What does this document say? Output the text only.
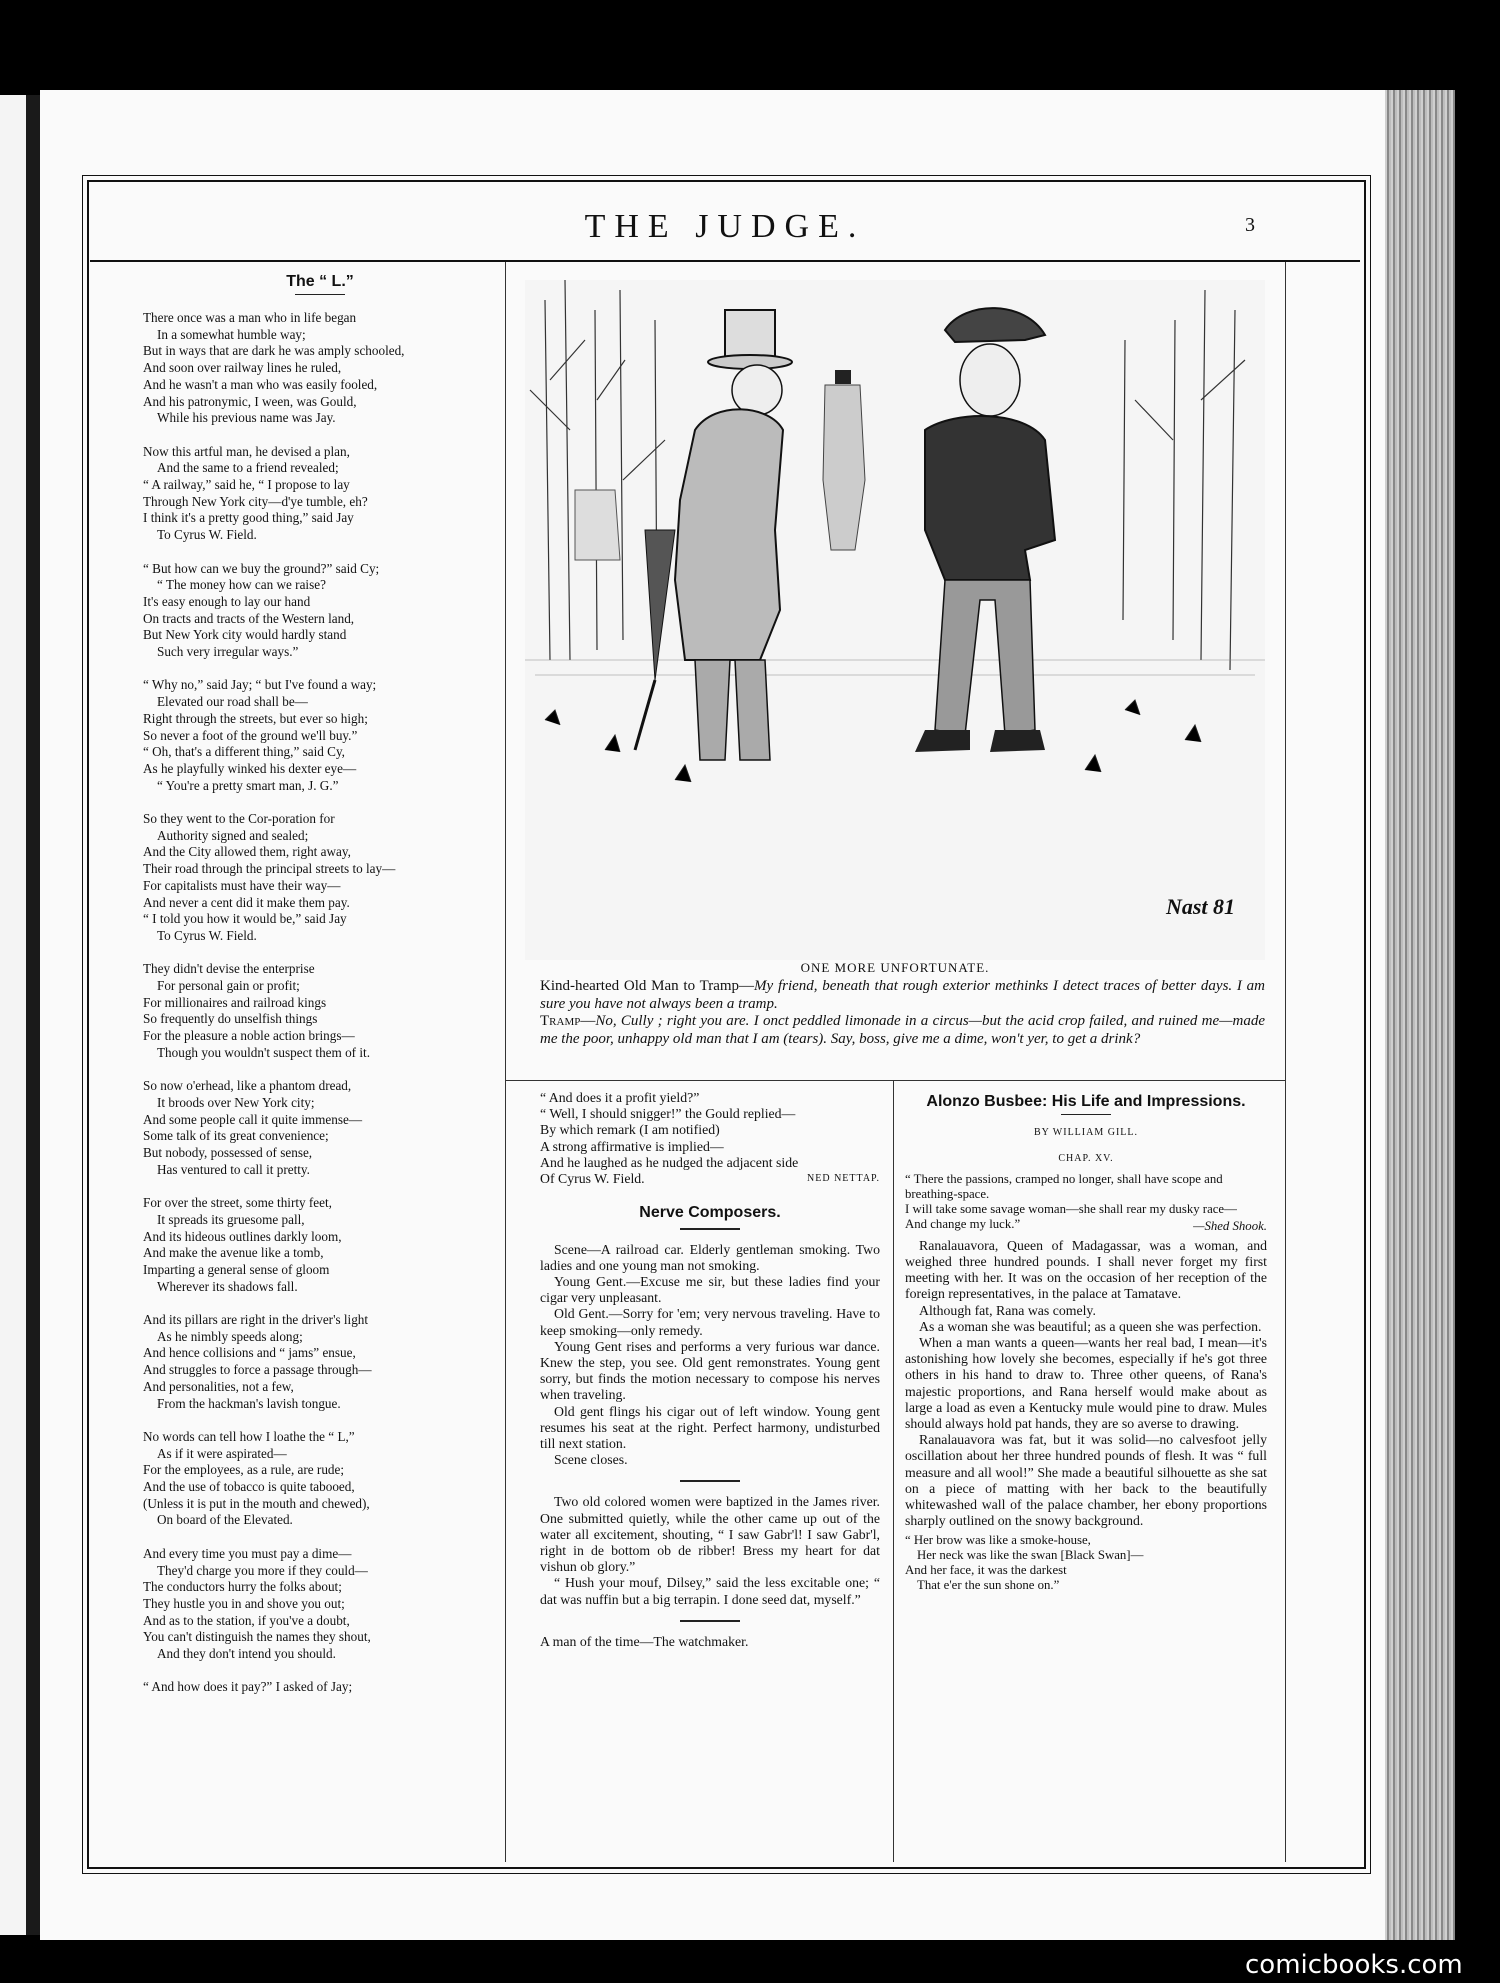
THE JUDGE.	3
The “ L.”
There once was a man who in life began
In a somewhat humble way;
But in ways that are dark he was amply schooled,
And soon over railway lines he ruled,
And he wasn't a man who was easily fooled,
And his patronymic, I ween, was Gould,
While his previous name was Jay.
Now this artful man, he devised a plan,
And the same to a friend revealed;
“ A railway,” said he, “ I propose to lay
Through New York city—d'ye tumble, eh?
I think it's a pretty good thing,” said Jay
To Cyrus W. Field.
“ But how can we buy the ground?” said Cy;
“ The money how can we raise?
It's easy enough to lay our hand
On tracts and tracts of the Western land,
But New York city would hardly stand
Such very irregular ways.”
“ Why no,” said Jay; “ but I've found a way;
Elevated our road shall be—
Right through the streets, but ever so high;
So never a foot of the ground we'll buy.”
“ Oh, that's a different thing,” said Cy,
As he playfully winked his dexter eye—
“ You're a pretty smart man, J. G.”
So they went to the Cor-poration for
Authority signed and sealed;
And the City allowed them, right away,
Their road through the principal streets to lay—
For capitalists must have their way—
And never a cent did it make them pay.
“ I told you how it would be,” said Jay
To Cyrus W. Field.
They didn't devise the enterprise
For personal gain or profit;
For millionaires and railroad kings
So frequently do unselfish things
For the pleasure a noble action brings—
Though you wouldn't suspect them of it.
So now o'erhead, like a phantom dread,
It broods over New York city;
And some people call it quite immense—
Some talk of its great convenience;
But nobody, possessed of sense,
Has ventured to call it pretty.
For over the street, some thirty feet,
It spreads its gruesome pall,
And its hideous outlines darkly loom,
And make the avenue like a tomb,
Imparting a general sense of gloom
Wherever its shadows fall.
And its pillars are right in the driver's light
As he nimbly speeds along;
And hence collisions and “ jams” ensue,
And struggles to force a passage through—
And personalities, not a few,
From the hackman's lavish tongue.
No words can tell how I loathe the “ L,”
As if it were aspirated—
For the employees, as a rule, are rude;
And the use of tobacco is quite tabooed,
(Unless it is put in the mouth and chewed),
On board of the Elevated.
And every time you must pay a dime—
They'd charge you more if they could—
The conductors hurry the folks about;
They hustle you in and shove you out;
And as to the station, if you've a doubt,
You can't distinguish the names they shout,
And they don't intend you should.
“ And how does it pay?” I asked of Jay;
Nast 81
ONE MORE UNFORTUNATE.
Kind-hearted Old Man to Tramp—My friend, beneath that rough exterior methinks I detect traces of better days. I am sure you have not always been a tramp.
Tramp—No, Cully ; right you are. I onct peddled limonade in a circus—but the acid crop failed, and ruined me—made me the poor, unhappy old man that I am (tears). Say, boss, give me a dime, won't yer, to get a drink?
“ And does it a profit yield?”
“ Well, I should snigger!” the Gould replied—
By which remark (I am notified)
A strong affirmative is implied—
And he laughed as he nudged the adjacent side
Of Cyrus W. Field.	NED NETTAP.
Nerve Composers.

Scene—A railroad car. Elderly gentleman smoking. Two ladies and one young man not smoking.

Young Gent.—Excuse me sir, but these ladies find your cigar very unpleasant.

Old Gent.—Sorry for 'em; very nervous traveling. Have to keep smoking—only remedy.

Young Gent rises and performs a very furious war dance. Knew the step, you see. Old gent remonstrates. Young gent sorry, but finds the motion necessary to compose his nerves when traveling.

Old gent flings his cigar out of left window. Young gent resumes his seat at the right. Perfect harmony, undisturbed till next station.

Scene closes.

Two old colored women were baptized in the James river. One submitted quietly, while the other came up out of the water all excitement, shouting, “ I saw Gabr'l! I saw Gabr'l, right in de bottom ob de ribber! Bress my heart for dat vishun ob glory.”

“ Hush your mouf, Dilsey,” said the less excitable one; “ dat was nuffin but a big terrapin. I done seed dat, myself.”

A man of the time—The watchmaker.

Alonzo Busbee: His Life and Impressions.
BY WILLIAM GILL.
CHAP. XV.
“ There the passions, cramped no longer, shall have scope and breathing-space.
I will take some savage woman—she shall rear my dusky race—
And change my luck.”	—Shed Shook.

Ranalauavora, Queen of Madagassar, was a woman, and weighed three hundred pounds. I shall never forget my first meeting with her. It was on the occasion of her reception of the foreign representatives, in the palace at Tamatave.

Although fat, Rana was comely.

As a woman she was beautiful; as a queen she was perfection.

When a man wants a queen—wants her real bad, I mean—it's astonishing how lovely she becomes, especially if he's got three others in his hand to draw to. Three other queens, of Rana's majestic proportions, and Rana herself would make about as large a load as even a Kentucky mule would pine to draw. Mules should always hold pat hands, they are so averse to drawing.

Ranalauavora was fat, but it was solid—no calvesfoot jelly oscillation about her three hundred pounds of flesh. It was “ full measure and all wool!” She made a beautiful silhouette as she sat on a piece of matting with her back to the beautifully whitewashed wall of the palace chamber, her ebony proportions sharply outlined on the snowy background.

“ Her brow was like a smoke-house,
Her neck was like the swan [Black Swan]—
And her face, it was the darkest
That e'er the sun shone on.”
comicbooks.com
